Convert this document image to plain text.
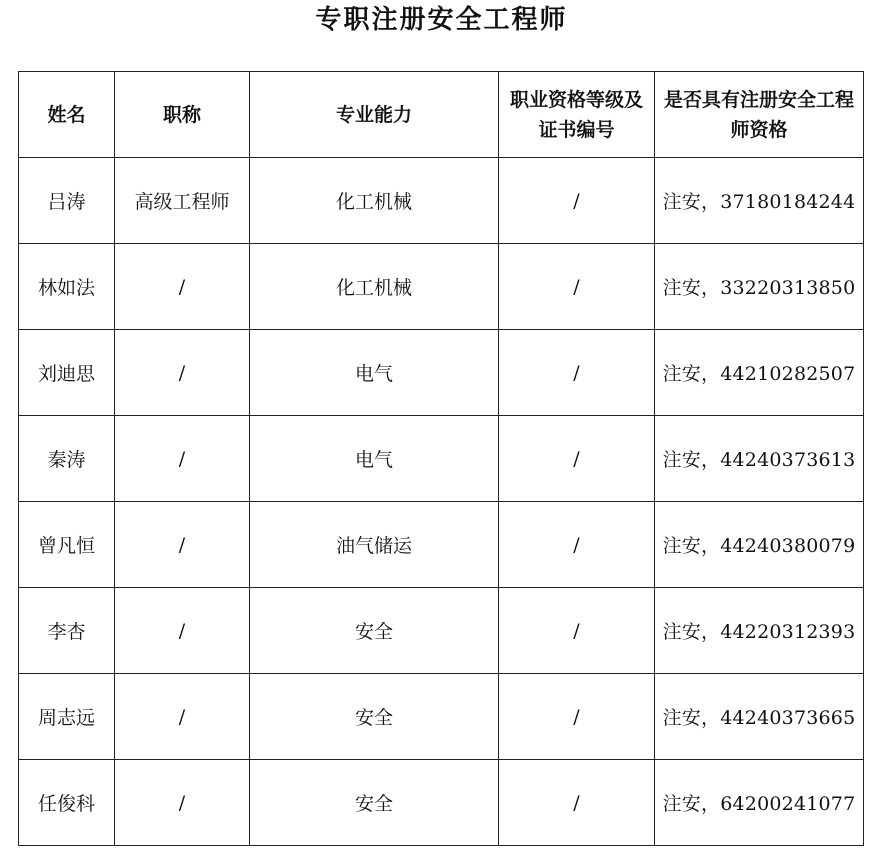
专职注册安全工程师
姓名	职称	专业能力	职业资格等级及证书编号	是否具有注册安全工程师资格
吕涛	高级工程师	化工机械	/	注安，37180184244
林如法	/	化工机械	/	注安，33220313850
刘迪思	/	电气	/	注安，44210282507
秦涛	/	电气	/	注安，44240373613
曾凡恒	/	油气储运	/	注安，44240380079
李杏	/	安全	/	注安，44220312393
周志远	/	安全	/	注安，44240373665
任俊科	/	安全	/	注安，64200241077
